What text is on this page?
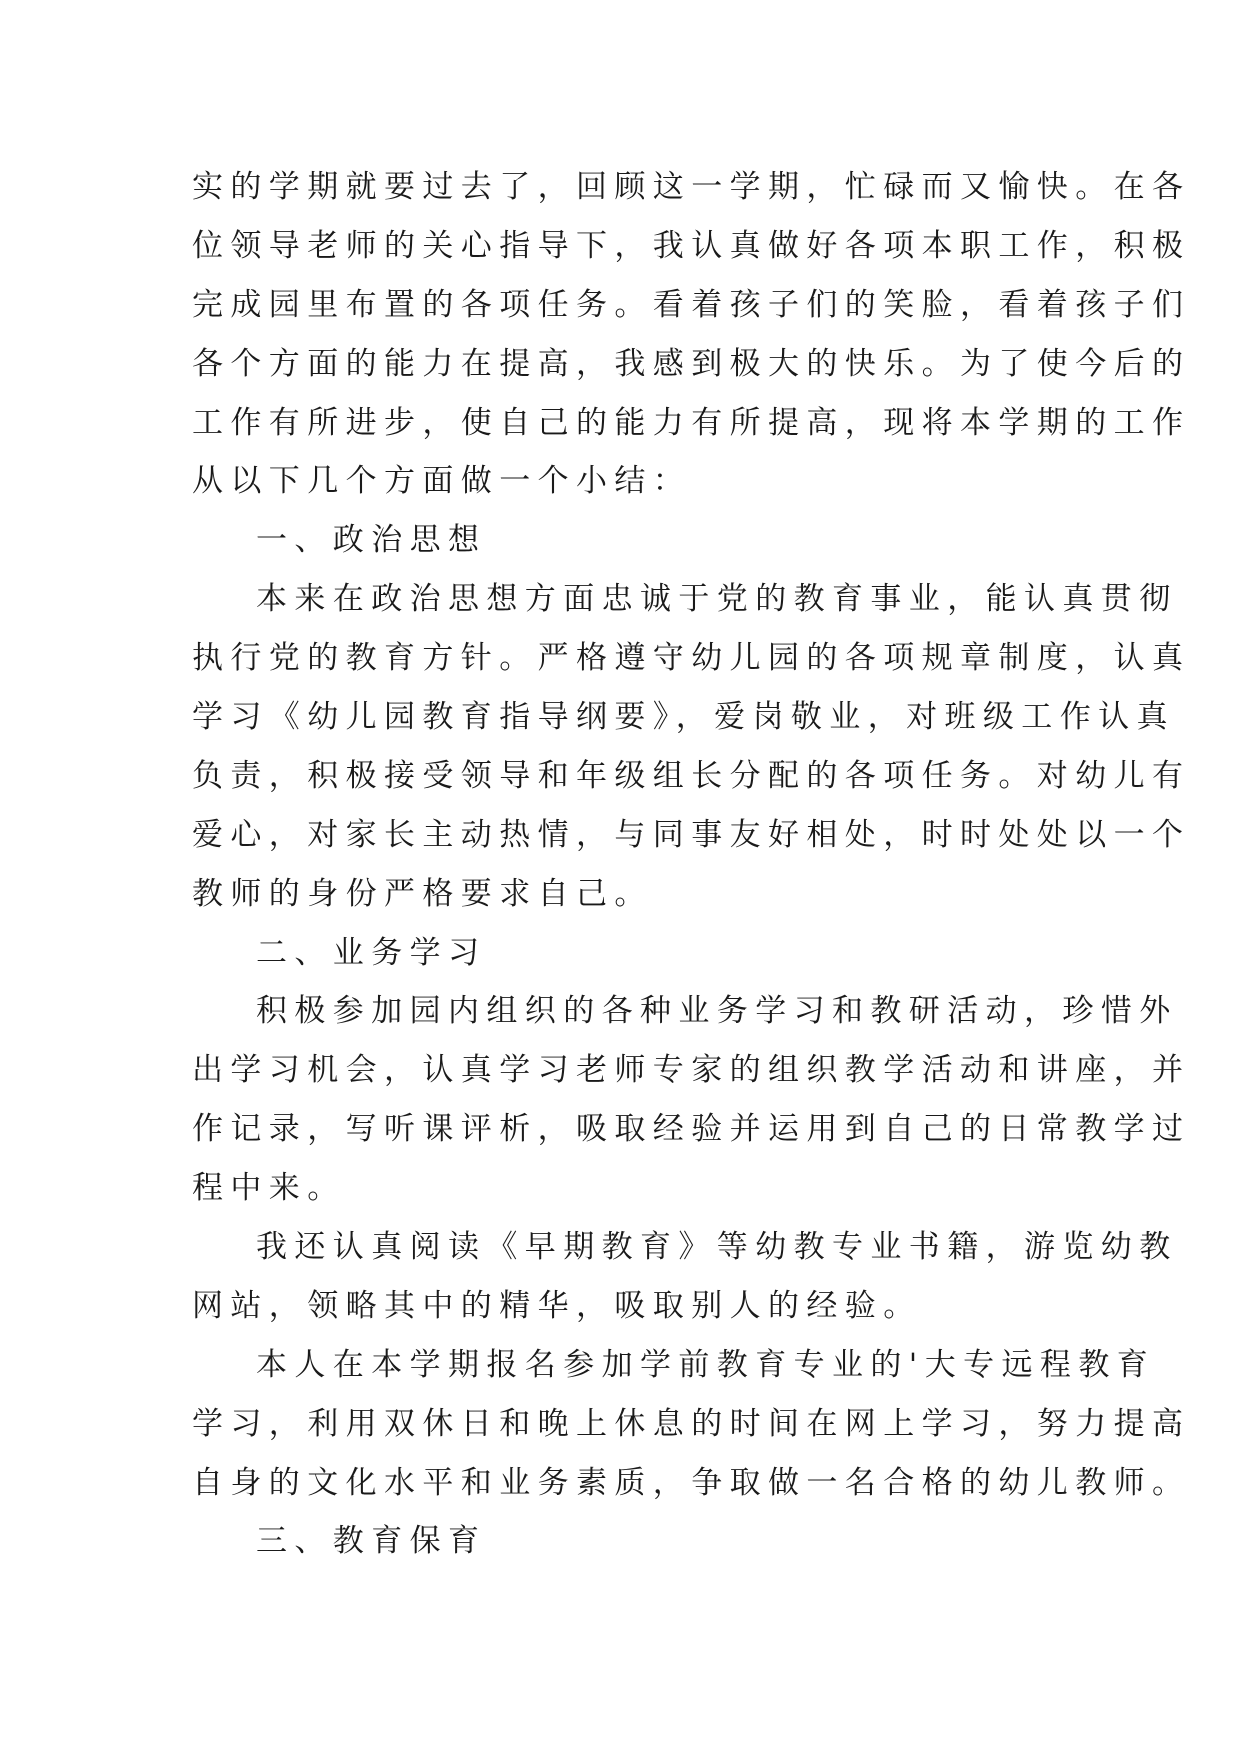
实的学期就要过去了，回顾这一学期，忙碌而又愉快。在各
位领导老师的关心指导下，我认真做好各项本职工作，积极
完成园里布置的各项任务。看着孩子们的笑脸，看着孩子们
各个方面的能力在提高，我感到极大的快乐。为了使今后的
工作有所进步，使自己的能力有所提高，现将本学期的工作
从以下几个方面做一个小结：
一、政治思想
本来在政治思想方面忠诚于党的教育事业，能认真贯彻
执行党的教育方针。严格遵守幼儿园的各项规章制度，认真
学习《幼儿园教育指导纲要》，爱岗敬业，对班级工作认真
负责，积极接受领导和年级组长分配的各项任务。对幼儿有
爱心，对家长主动热情，与同事友好相处，时时处处以一个
教师的身份严格要求自己。
二、业务学习
积极参加园内组织的各种业务学习和教研活动，珍惜外
出学习机会，认真学习老师专家的组织教学活动和讲座，并
作记录，写听课评析，吸取经验并运用到自己的日常教学过
程中来。
我还认真阅读《早期教育》等幼教专业书籍，游览幼教
网站，领略其中的精华，吸取别人的经验。
本人在本学期报名参加学前教育专业的'大专远程教育
学习，利用双休日和晚上休息的时间在网上学习，努力提高
自身的文化水平和业务素质，争取做一名合格的幼儿教师。
三、教育保育
